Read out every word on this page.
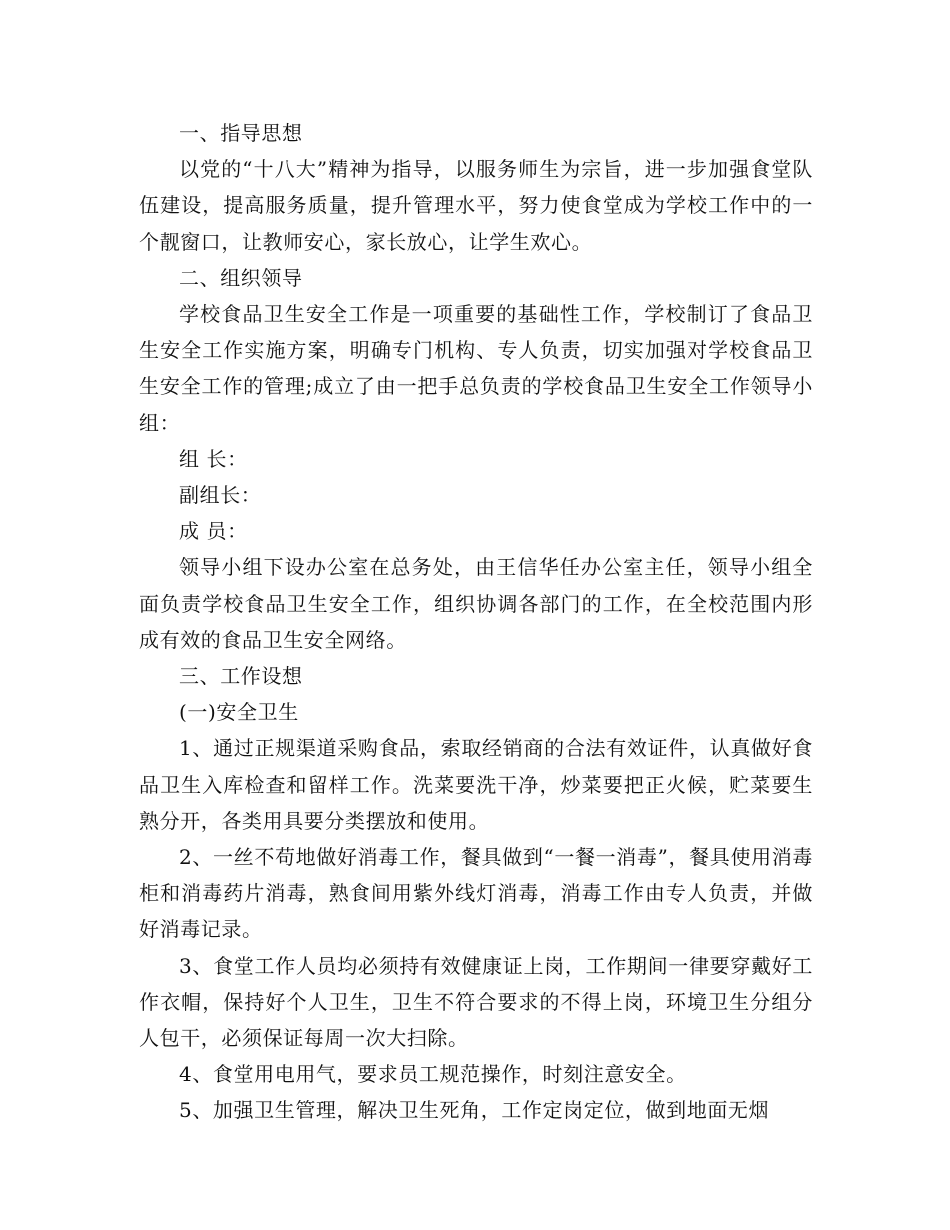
一、指导思想

以党的“十八大”精神为指导，以服务师生为宗旨，进一步加强食堂队伍建设，提高服务质量，提升管理水平，努力使食堂成为学校工作中的一个靓窗口，让教师安心，家长放心，让学生欢心。

二、组织领导

学校食品卫生安全工作是一项重要的基础性工作，学校制订了食品卫生安全工作实施方案，明确专门机构、专人负责，切实加强对学校食品卫生安全工作的管理;成立了由一把手总负责的学校食品卫生安全工作领导小组：

组 长：

副组长：

成 员：

领导小组下设办公室在总务处，由王信华任办公室主任，领导小组全面负责学校食品卫生安全工作，组织协调各部门的工作，在全校范围内形成有效的食品卫生安全网络。

三、工作设想

(一)安全卫生

1、通过正规渠道采购食品，索取经销商的合法有效证件，认真做好食品卫生入库检查和留样工作。洗菜要洗干净，炒菜要把正火候，贮菜要生熟分开，各类用具要分类摆放和使用。

2、一丝不苟地做好消毒工作，餐具做到“一餐一消毒”，餐具使用消毒柜和消毒药片消毒，熟食间用紫外线灯消毒，消毒工作由专人负责，并做好消毒记录。

3、食堂工作人员均必须持有效健康证上岗，工作期间一律要穿戴好工作衣帽，保持好个人卫生，卫生不符合要求的不得上岗，环境卫生分组分人包干，必须保证每周一次大扫除。

4、食堂用电用气，要求员工规范操作，时刻注意安全。

5、加强卫生管理，解决卫生死角，工作定岗定位，做到地面无烟
